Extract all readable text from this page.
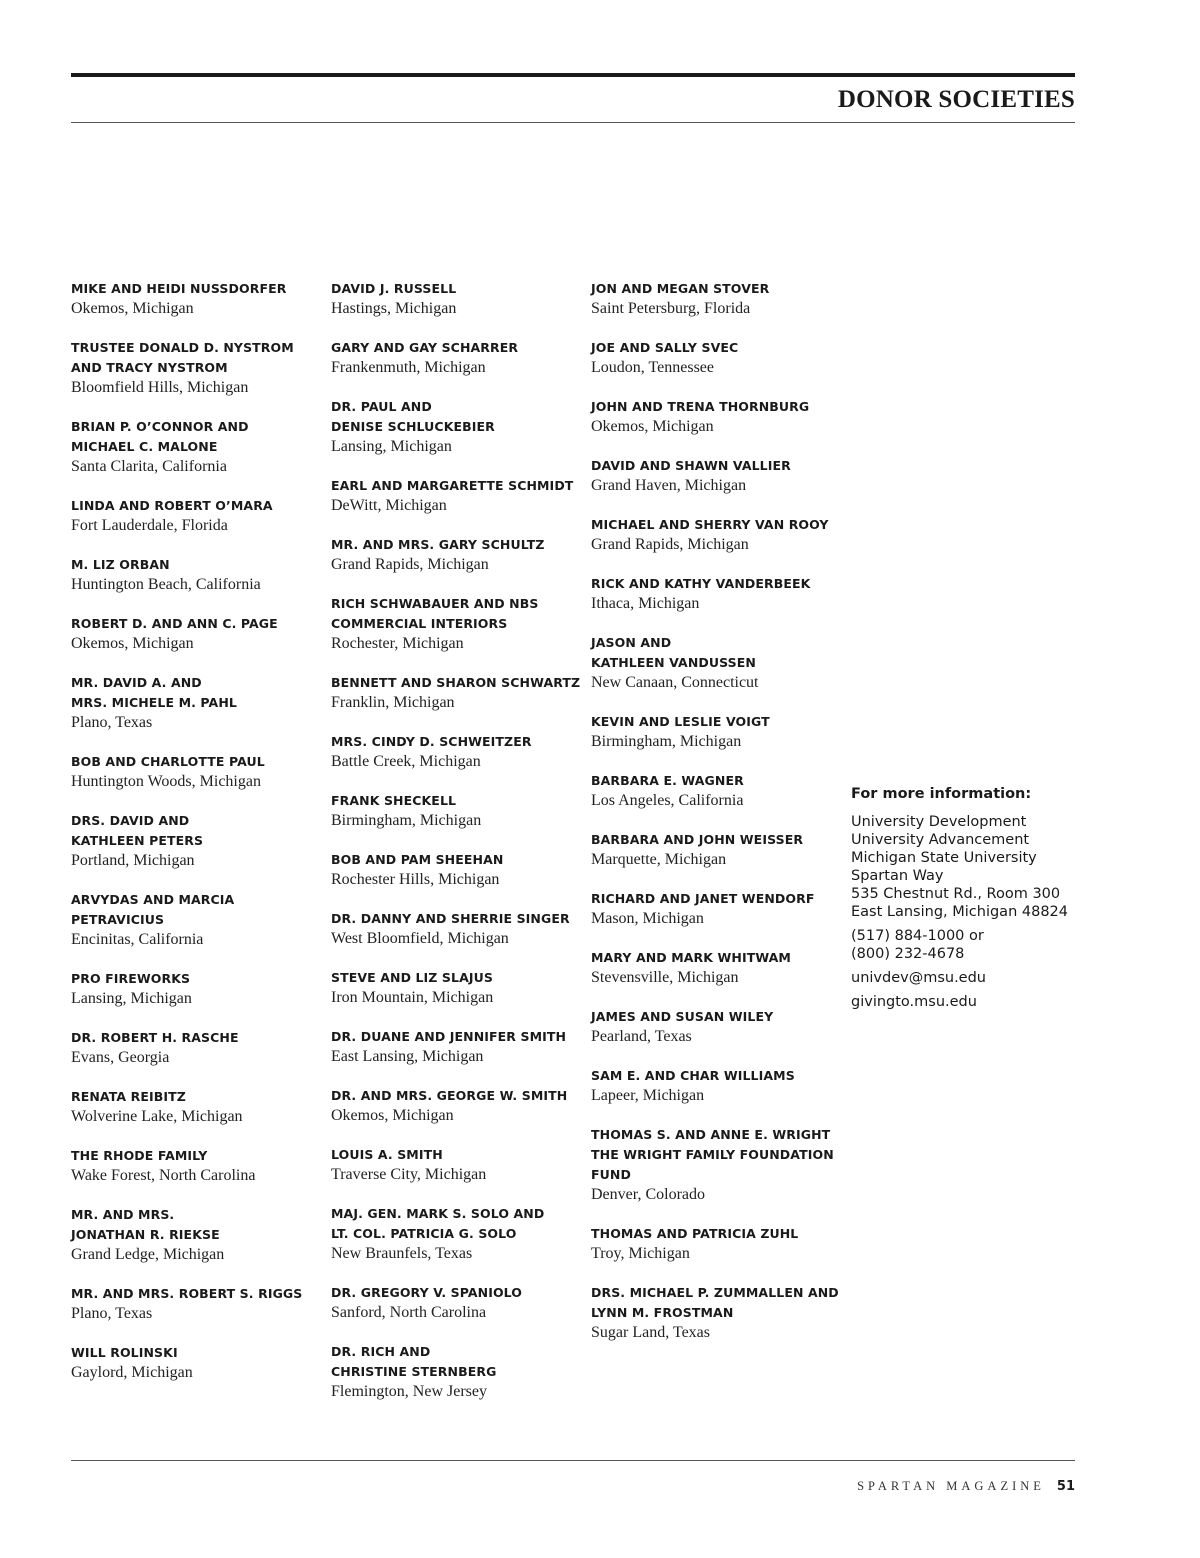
DONOR SOCIETIES
MIKE AND HEIDI NUSSDORFER
Okemos, Michigan
TRUSTEE DONALD D. NYSTROM
AND TRACY NYSTROM
Bloomfield Hills, Michigan
BRIAN P. O’CONNOR AND
MICHAEL C. MALONE
Santa Clarita, California
LINDA AND ROBERT O’MARA
Fort Lauderdale, Florida
M. LIZ ORBAN
Huntington Beach, California
ROBERT D. AND ANN C. PAGE
Okemos, Michigan
MR. DAVID A. AND
MRS. MICHELE M. PAHL
Plano, Texas
BOB AND CHARLOTTE PAUL
Huntington Woods, Michigan
DRS. DAVID AND
KATHLEEN PETERS
Portland, Michigan
ARVYDAS AND MARCIA
PETRAVICIUS
Encinitas, California
PRO FIREWORKS
Lansing, Michigan
DR. ROBERT H. RASCHE
Evans, Georgia
RENATA REIBITZ
Wolverine Lake, Michigan
THE RHODE FAMILY
Wake Forest, North Carolina
MR. AND MRS.
JONATHAN R. RIEKSE
Grand Ledge, Michigan
MR. AND MRS. ROBERT S. RIGGS
Plano, Texas
WILL ROLINSKI
Gaylord, Michigan
DAVID J. RUSSELL
Hastings, Michigan
GARY AND GAY SCHARRER
Frankenmuth, Michigan
DR. PAUL AND
DENISE SCHLUCKEBIER
Lansing, Michigan
EARL AND MARGARETTE SCHMIDT
DeWitt, Michigan
MR. AND MRS. GARY SCHULTZ
Grand Rapids, Michigan
RICH SCHWABAUER AND NBS
COMMERCIAL INTERIORS
Rochester, Michigan
BENNETT AND SHARON SCHWARTZ
Franklin, Michigan
MRS. CINDY D. SCHWEITZER
Battle Creek, Michigan
FRANK SHECKELL
Birmingham, Michigan
BOB AND PAM SHEEHAN
Rochester Hills, Michigan
DR. DANNY AND SHERRIE SINGER
West Bloomfield, Michigan
STEVE AND LIZ SLAJUS
Iron Mountain, Michigan
DR. DUANE AND JENNIFER SMITH
East Lansing, Michigan
DR. AND MRS. GEORGE W. SMITH
Okemos, Michigan
LOUIS A. SMITH
Traverse City, Michigan
MAJ. GEN. MARK S. SOLO AND
LT. COL. PATRICIA G. SOLO
New Braunfels, Texas
DR. GREGORY V. SPANIOLO
Sanford, North Carolina
DR. RICH AND
CHRISTINE STERNBERG
Flemington, New Jersey
JON AND MEGAN STOVER
Saint Petersburg, Florida
JOE AND SALLY SVEC
Loudon, Tennessee
JOHN AND TRENA THORNBURG
Okemos, Michigan
DAVID AND SHAWN VALLIER
Grand Haven, Michigan
MICHAEL AND SHERRY VAN ROOY
Grand Rapids, Michigan
RICK AND KATHY VANDERBEEK
Ithaca, Michigan
JASON AND
KATHLEEN VANDUSSEN
New Canaan, Connecticut
KEVIN AND LESLIE VOIGT
Birmingham, Michigan
BARBARA E. WAGNER
Los Angeles, California
BARBARA AND JOHN WEISSER
Marquette, Michigan
RICHARD AND JANET WENDORF
Mason, Michigan
MARY AND MARK WHITWAM
Stevensville, Michigan
JAMES AND SUSAN WILEY
Pearland, Texas
SAM E. AND CHAR WILLIAMS
Lapeer, Michigan
THOMAS S. AND ANNE E. WRIGHT
THE WRIGHT FAMILY FOUNDATION
FUND
Denver, Colorado
THOMAS AND PATRICIA ZUHL
Troy, Michigan
DRS. MICHAEL P. ZUMMALLEN AND
LYNN M. FROSTMAN
Sugar Land, Texas
For more information:
University Development
University Advancement
Michigan State University
Spartan Way
535 Chestnut Rd., Room 300
East Lansing, Michigan 48824
(517) 884-1000 or
(800) 232-4678
univdev@msu.edu
givingto.msu.edu
SPARTAN MAGAZINE 51
